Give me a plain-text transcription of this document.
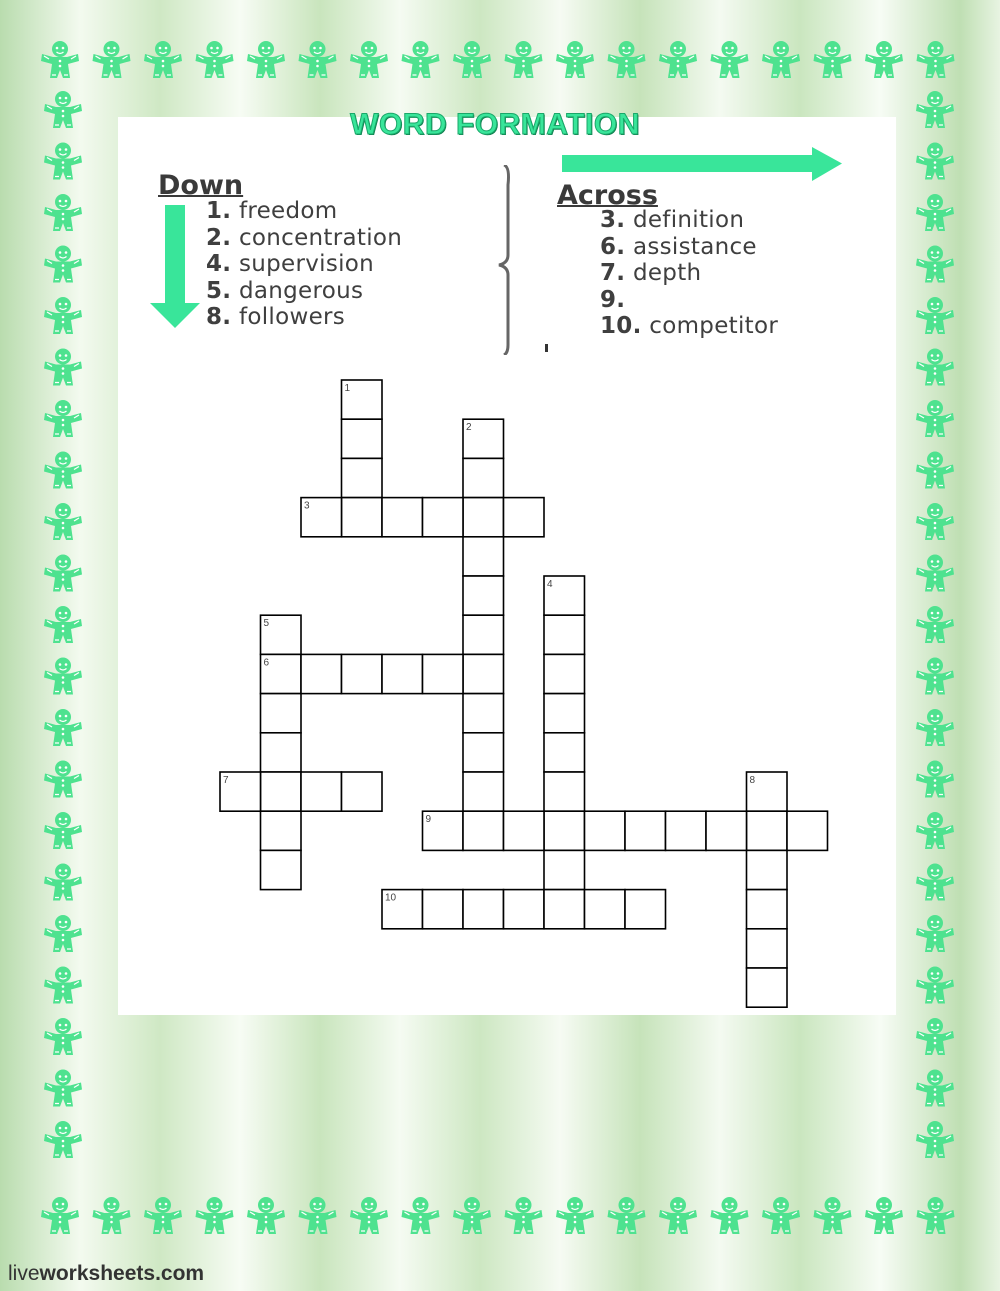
WORD FORMATION
Down
1. freedom
2. concentration
4. supervision
5. dangerous
8. followers
Across
3. definition
6. assistance
7. depth
9.
10. competitor
1
2
3
4
5
6
7	8
9
10
liveworksheets.com
